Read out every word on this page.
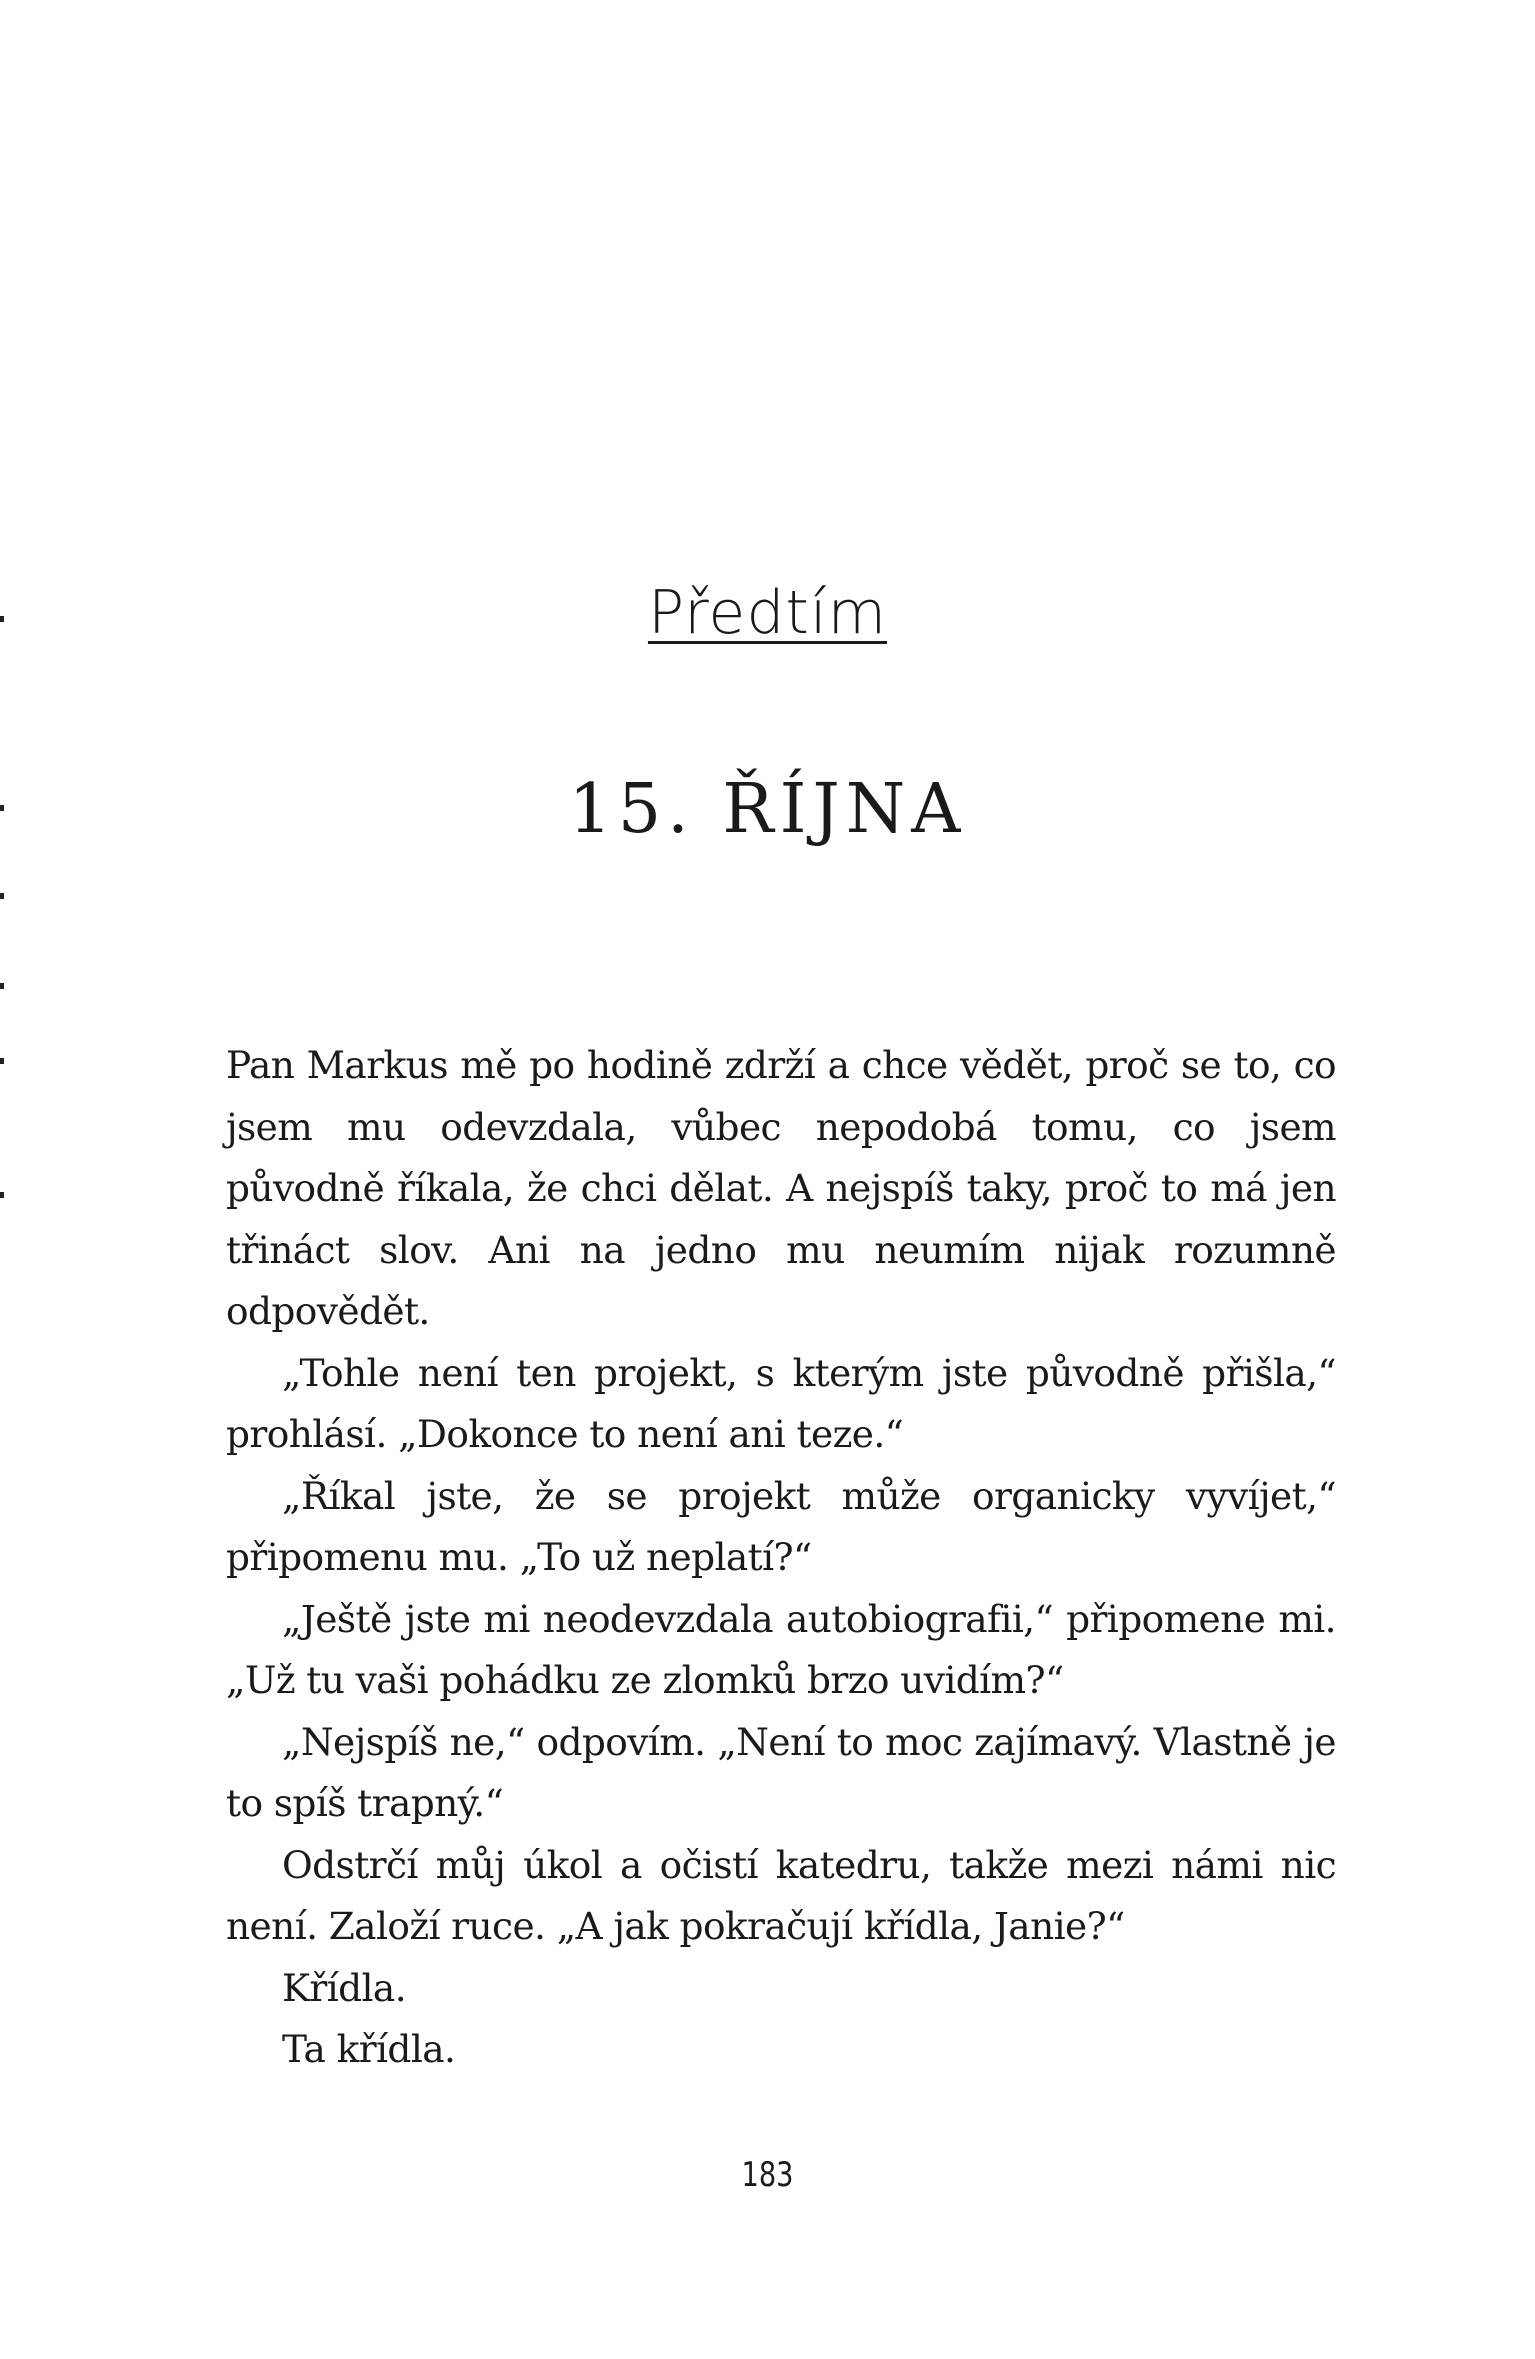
Předtím
15. ŘÍJNA

Pan Markus mě po hodině zdrží a chce vědět, proč se to, co jsem mu odevzdala, vůbec nepodobá tomu, co jsem původně říkala, že chci dělat. A nejspíš taky, proč to má jen třináct slov. Ani na jedno mu neumím nijak rozumně odpovědět.

„Tohle není ten projekt, s kterým jste původně přišla,“ prohlásí. „Dokonce to není ani teze.“

„Říkal jste, že se projekt může organicky vyvíjet,“ připomenu mu. „To už neplatí?“

„Ještě jste mi neodevzdala autobiografii,“ připomene mi. „Už tu vaši pohádku ze zlomků brzo uvidím?“

„Nejspíš ne,“ odpovím. „Není to moc zajímavý. Vlastně je to spíš trapný.“

Odstrčí můj úkol a očistí katedru, takže mezi námi nic není. Založí ruce. „A jak pokračují křídla, Janie?“

Křídla.

Ta křídla.

183
